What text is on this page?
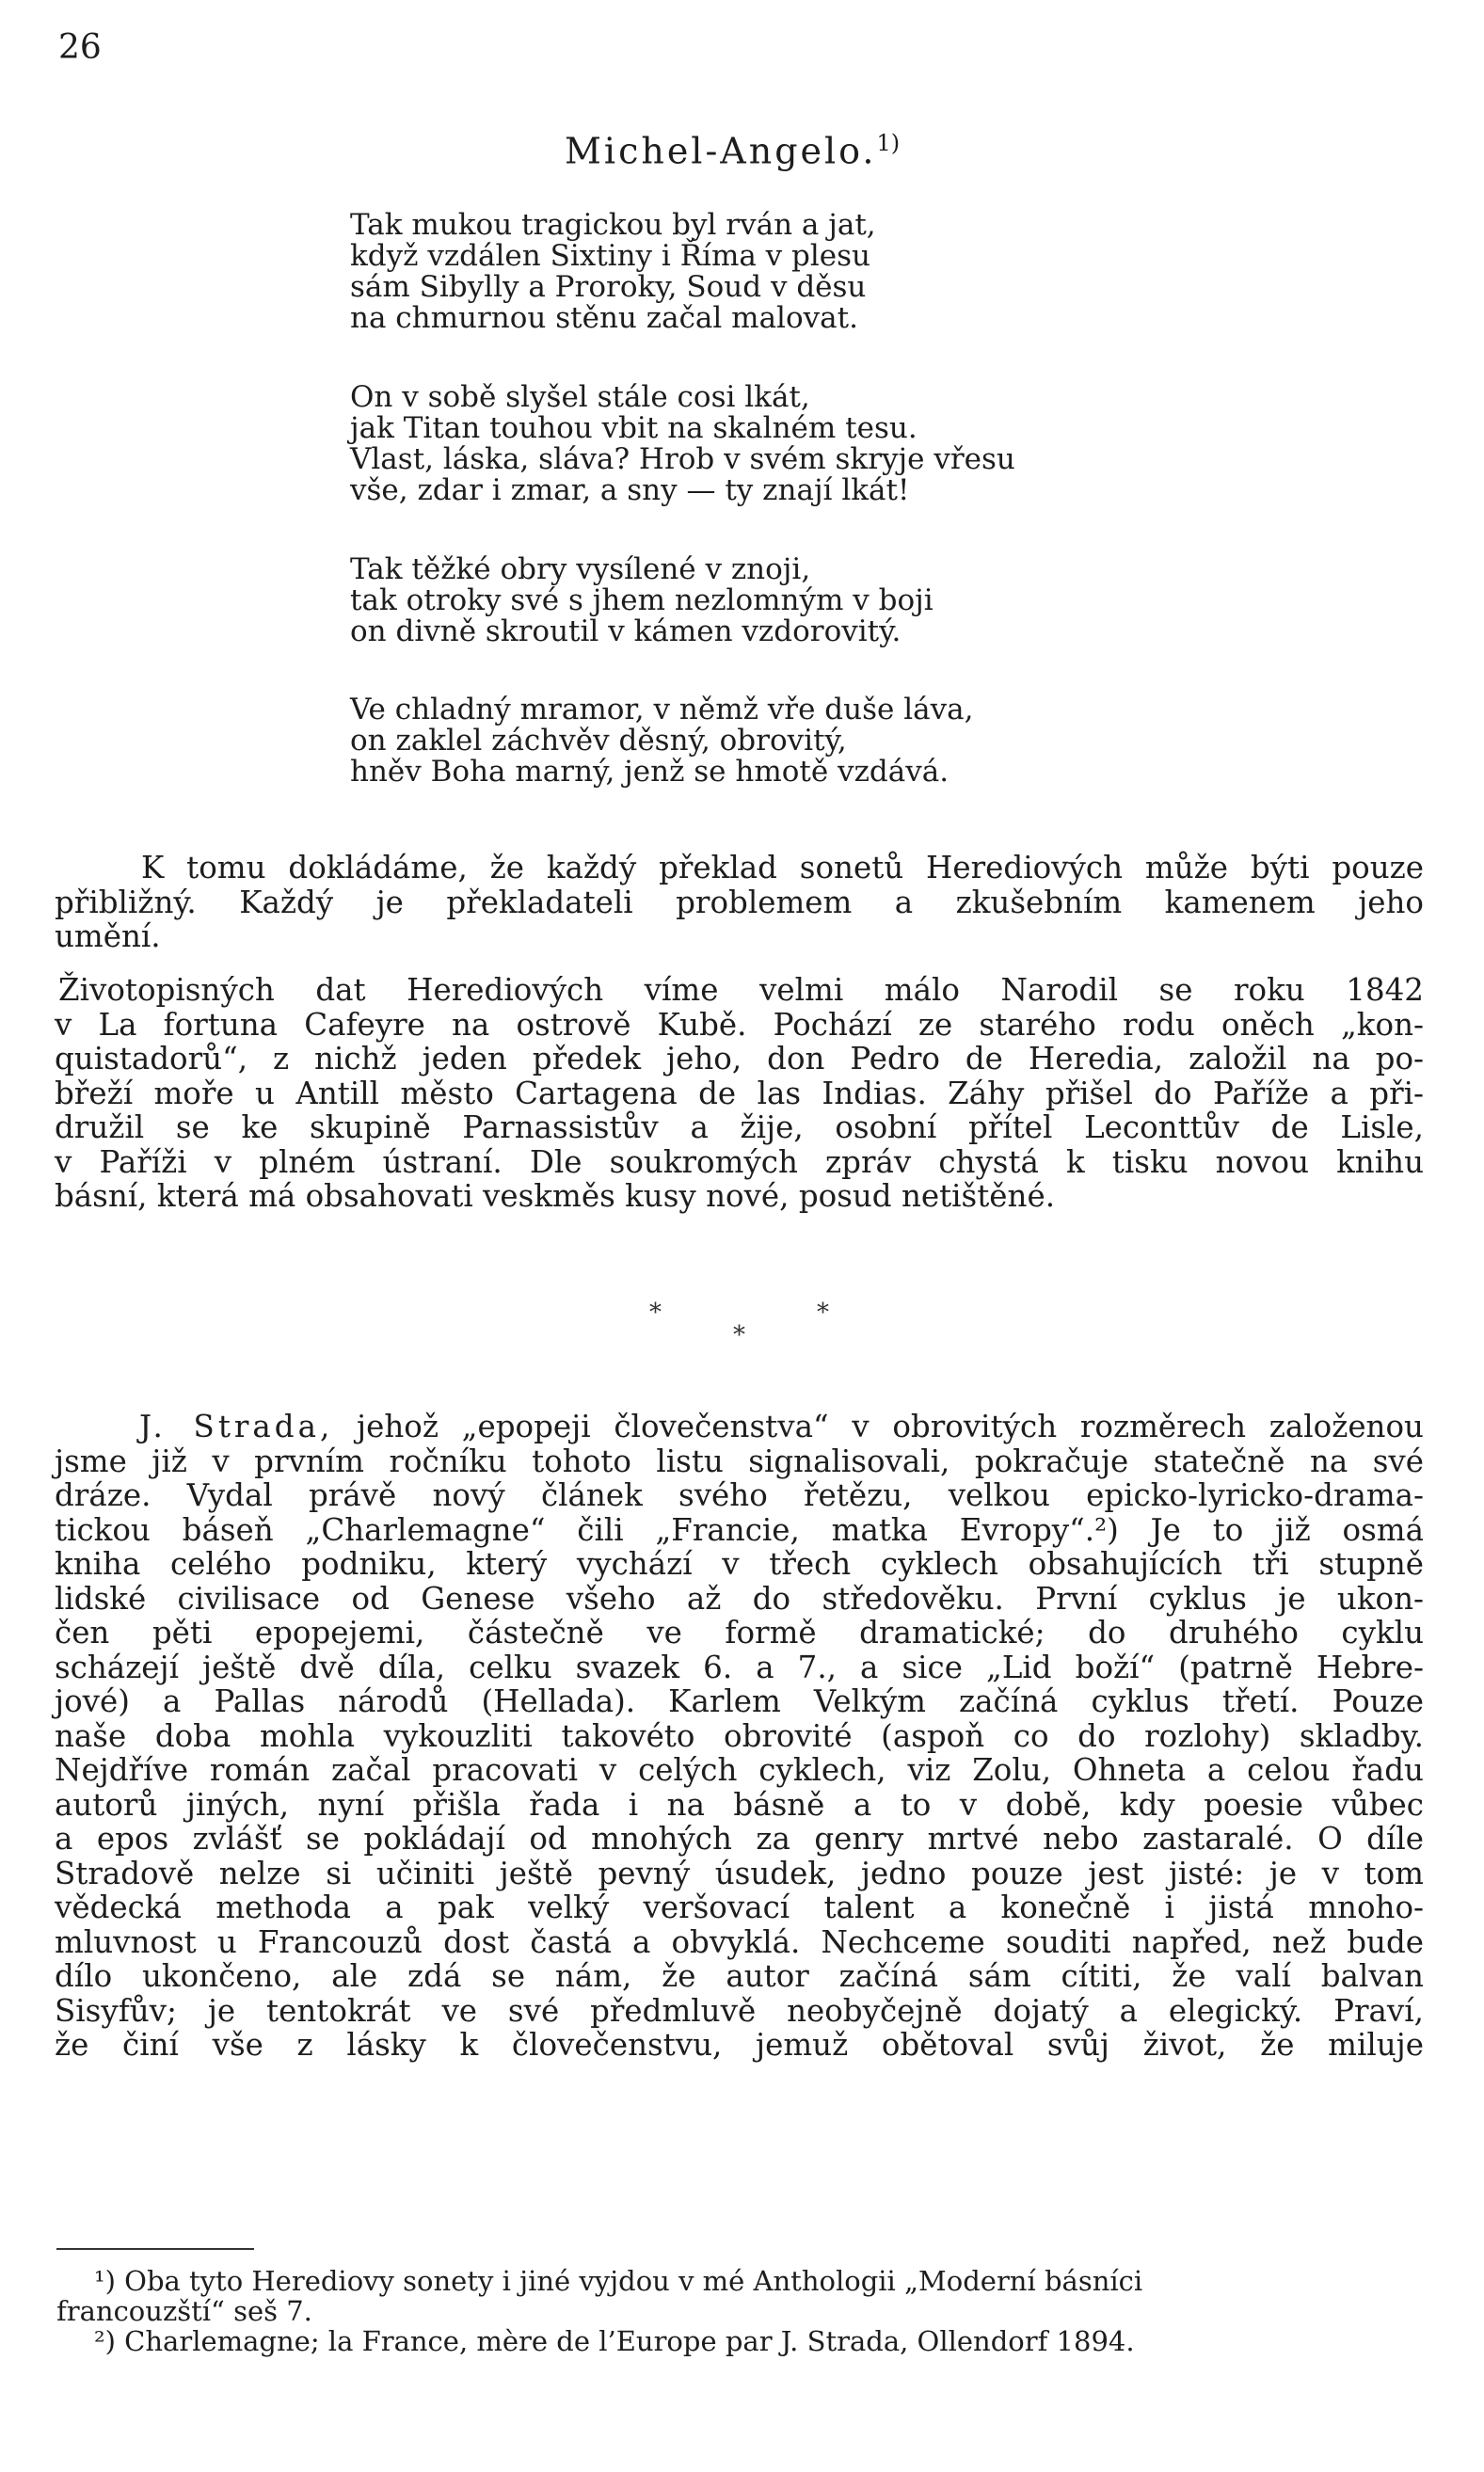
26
Michel-Angelo.$^{1)}$
Tak mukou tragickou byl rván a jat,
když vzdálen Sixtiny i Říma v plesu
sám Sibylly a Proroky, Soud v děsu
na chmurnou stěnu začal malovat.
On v sobě slyšel stále cosi lkát,
jak Titan touhou vbit na skalném tesu.
Vlast, láska, sláva? Hrob v svém skryje vřesu
vše, zdar i zmar, a sny — ty znají lkát!
Tak těžké obry vysílené v znoji,
tak otroky své s jhem nezlomným v boji
on divně skroutil v kámen vzdorovitý.
Ve chladný mramor, v němž vře duše láva,
on zaklel záchvěv děsný, obrovitý,
hněv Boha marný, jenž se hmotě vzdává.
K tomu dokládáme, že každý překlad sonetů Herediových může býti pouze
přibližný. Každý je překladateli problemem a zkušebním kamenem jeho
umění.
Životopisných dat Herediových víme velmi málo Narodil se roku 1842
v La fortuna Cafeyre na ostrově Kubě. Pochází ze starého rodu oněch „kon-
quistadorů“, z nichž jeden předek jeho, don Pedro de Heredia, založil na po-
břeží moře u Antill město Cartagena de las Indias. Záhy přišel do Paříže a při-
družil se ke skupině Parnassistův a žije, osobní přítel Leconttův de Lisle,
v Paříži v plném ústraní. Dle soukromých zpráv chystá k tisku novou knihu
básní, která má obsahovati veskměs kusy nové, posud netištěné.
*	*
*
J. Strada, jehož „epopeji človečenstva“ v obrovitých rozměrech založenou
jsme již v prvním ročníku tohoto listu signalisovali, pokračuje statečně na své
dráze. Vydal právě nový článek svého řetězu, velkou epicko-lyricko-drama-
tickou báseň „Charlemagne“ čili „Francie, matka Evropy“.²) Je to již osmá
kniha celého podniku, který vychází v třech cyklech obsahujících tři stupně
lidské civilisace od Genese všeho až do středověku. První cyklus je ukon-
čen pěti epopejemi, částečně ve formě dramatické; do druhého cyklu
scházejí ještě dvě díla, celku svazek 6. a 7., a sice „Lid boží“ (patrně Hebre-
jové) a Pallas národů (Hellada). Karlem Velkým začíná cyklus třetí. Pouze
naše doba mohla vykouzliti takovéto obrovité (aspoň co do rozlohy) skladby.
Nejdříve román začal pracovati v celých cyklech, viz Zolu, Ohneta a celou řadu
autorů jiných, nyní přišla řada i na básně a to v době, kdy poesie vůbec
a epos zvlášť se pokládají od mnohých za genry mrtvé nebo zastaralé. O díle
Stradově nelze si učiniti ještě pevný úsudek, jedno pouze jest jisté: je v tom
vědecká methoda a pak velký veršovací talent a konečně i jistá mnoho-
mluvnost u Francouzů dost častá a obvyklá. Nechceme souditi napřed, než bude
dílo ukončeno, ale zdá se nám, že autor začíná sám cítiti, že valí balvan
Sisyfův; je tentokrát ve své předmluvě neobyčejně dojatý a elegický. Praví,
že činí vše z lásky k človečenstvu, jemuž obětoval svůj život, že miluje
¹) Oba tyto Herediovy sonety i jiné vyjdou v mé Anthologii „Moderní básníci
francouzští“ seš 7.
²) Charlemagne; la France, mère de l’Europe par J. Strada, Ollendorf 1894.
